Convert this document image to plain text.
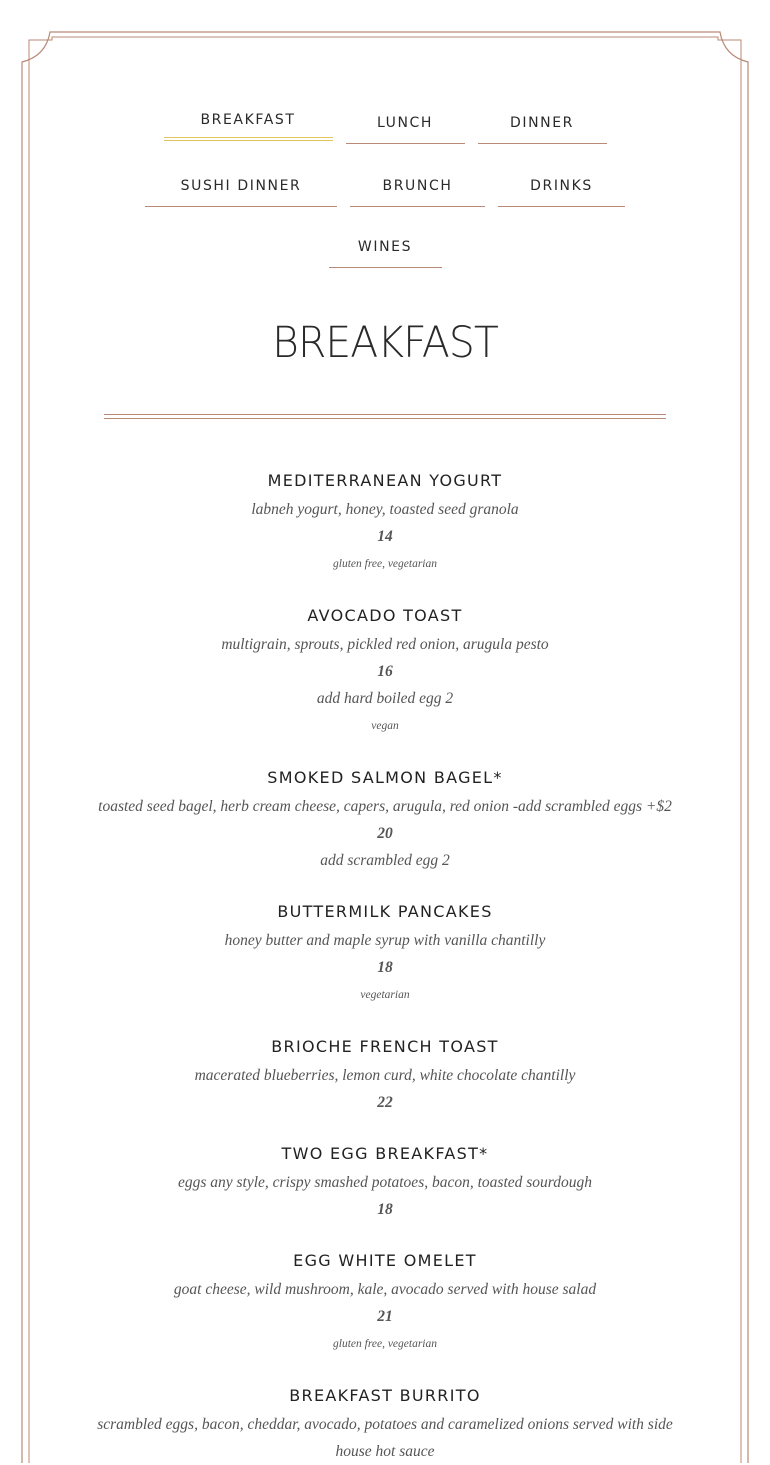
BREAKFAST	LUNCH	DINNER
SUSHI DINNER	BRUNCH	DRINKS
WINES
BREAKFAST
MEDITERRANEAN YOGURT
labneh yogurt, honey, toasted seed granola
14
gluten free, vegetarian
AVOCADO TOAST
multigrain, sprouts, pickled red onion, arugula pesto
16
add hard boiled egg 2
vegan
SMOKED SALMON BAGEL*
toasted seed bagel, herb cream cheese, capers, arugula, red onion -add scrambled eggs +$2
20
add scrambled egg 2
BUTTERMILK PANCAKES
honey butter and maple syrup with vanilla chantilly
18
vegetarian
BRIOCHE FRENCH TOAST
macerated blueberries, lemon curd, white chocolate chantilly
22
TWO EGG BREAKFAST*
eggs any style, crispy smashed potatoes, bacon, toasted sourdough
18
EGG WHITE OMELET
goat cheese, wild mushroom, kale, avocado served with house salad
21
gluten free, vegetarian
BREAKFAST BURRITO
scrambled eggs, bacon, cheddar, avocado, potatoes and caramelized onions served with side house hot sauce
